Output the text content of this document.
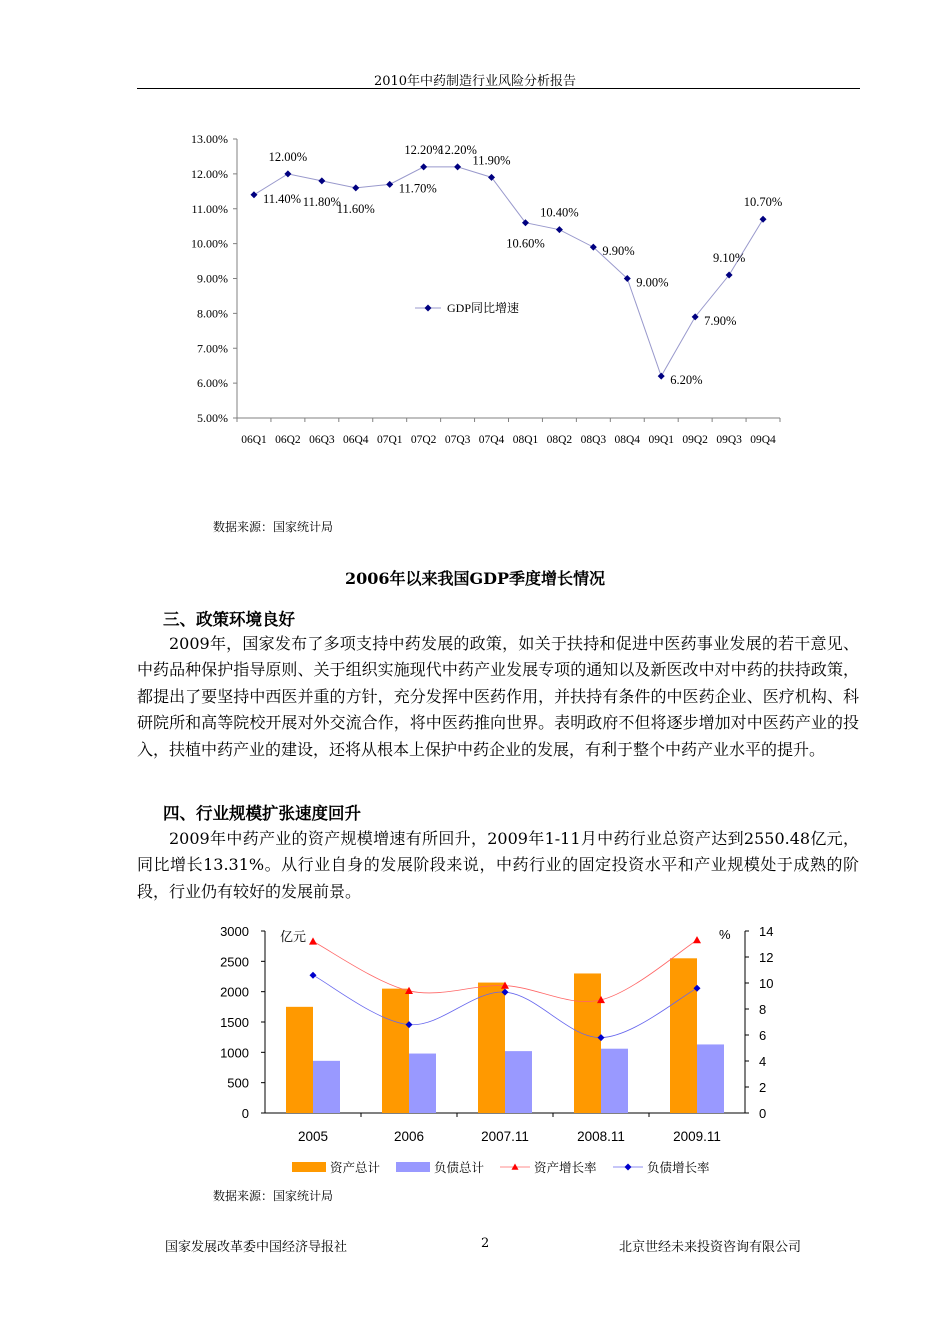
2010年中药制造行业风险分析报告
5.00%
6.00%
7.00%
8.00%
9.00%
10.00%
11.00%
12.00%
13.00%
06Q1 06Q2 06Q3 06Q4 07Q1 07Q2 07Q3 07Q4 08Q1 08Q2 08Q3 08Q4 09Q1 09Q2 09Q3 09Q4
11.40%
12.00%
11.80%
11.60%
11.70%
12.20%
12.20%
11.90%
10.60%
10.40%
9.90%
9.00%
6.20%
7.90%
9.10%
10.70%
GDP同比增速
数据来源：国家统计局
2006年以来我国GDP季度增长情况
三、政策环境良好
2009年，国家发布了多项支持中药发展的政策，如关于扶持和促进中医药事业发展的若干意见、中药品种保护指导原则、关于组织实施现代中药产业发展专项的通知以及新医改中对中药的扶持政策，都提出了要坚持中西医并重的方针，充分发挥中医药作用，并扶持有条件的中医药企业、医疗机构、科研院所和高等院校开展对外交流合作，将中医药推向世界。表明政府不但将逐步增加对中医药产业的投入，扶植中药产业的建设，还将从根本上保护中药企业的发展，有利于整个中药产业水平的提升。
四、行业规模扩张速度回升
2009年中药产业的资产规模增速有所回升，2009年1-11月中药行业总资产达到2550.48亿元，同比增长13.31%。从行业自身的发展阶段来说，中药行业的固定投资水平和产业规模处于成熟的阶段，行业仍有较好的发展前景。
0
500
1000
1500
2000
2500
3000
0
2
4
6
8
10
12
14
亿元	%
2005	2006	2007.11	2008.11	2009.11
资产总计	负债总计	资产增长率	负债增长率
数据来源：国家统计局
国家发展改革委中国经济导报社	2	北京世经未来投资咨询有限公司
